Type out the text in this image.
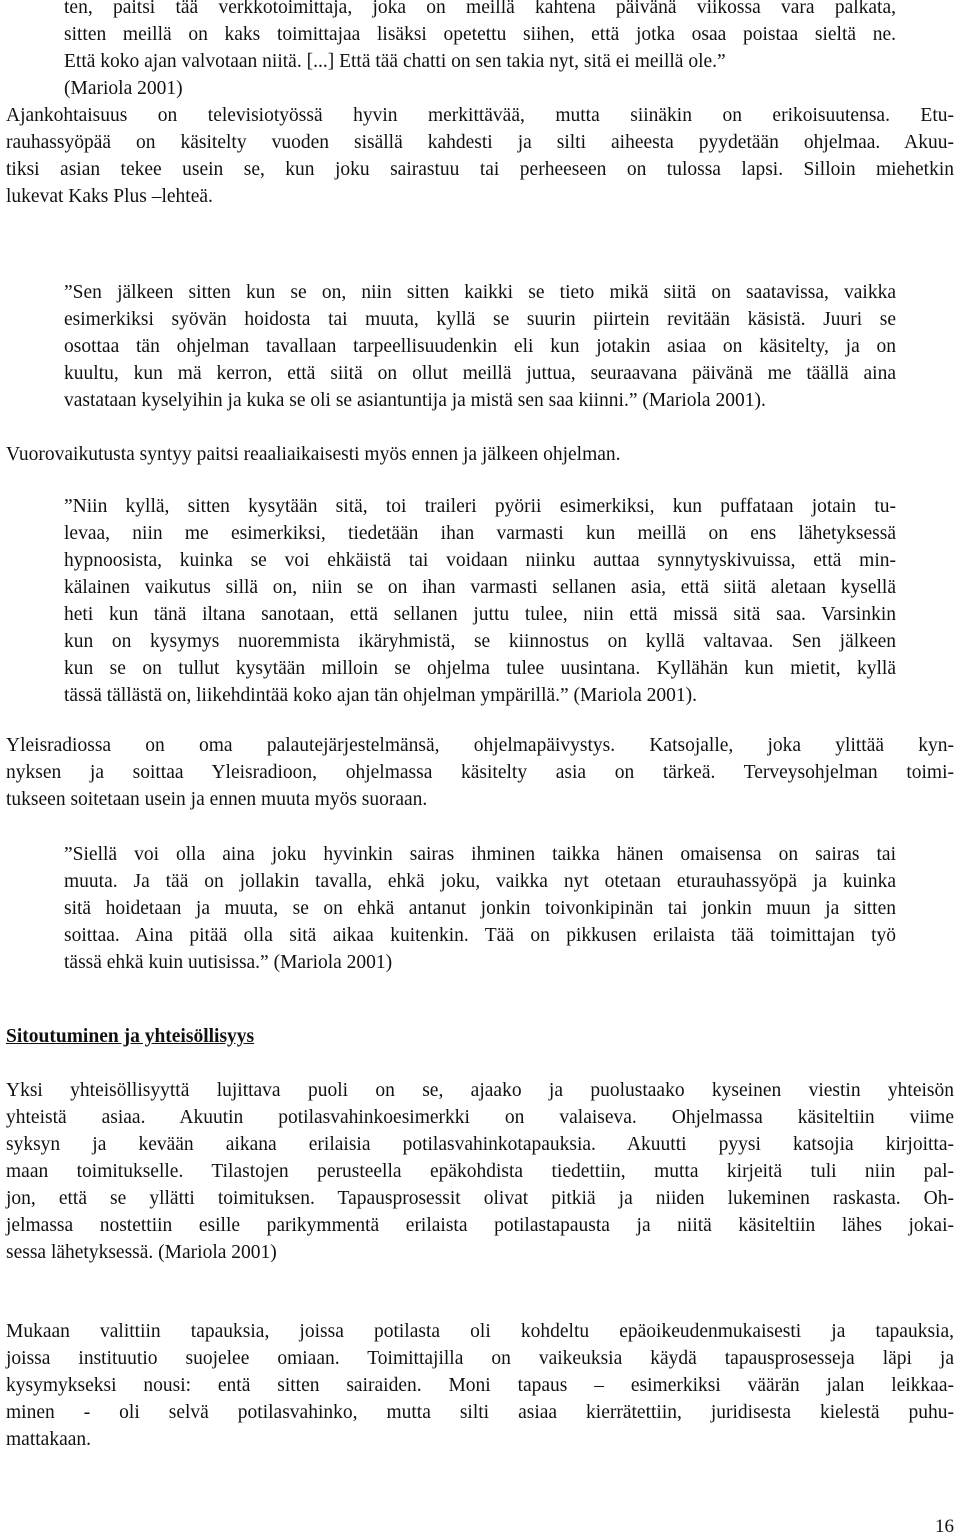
ten, paitsi tää verkkotoimittaja, joka on meillä kahtena päivänä viikossa vara palkata,
sitten meillä on kaks toimittajaa lisäksi opetettu siihen, että jotka osaa poistaa sieltä ne.
Että koko ajan valvotaan niitä. [...] Että tää chatti on sen takia nyt, sitä ei meillä ole.”
(Mariola 2001)
Ajankohtaisuus on televisiotyössä hyvin merkittävää, mutta siinäkin on erikoisuutensa. Etu-
rauhassyöpää on käsitelty vuoden sisällä kahdesti ja silti aiheesta pyydetään ohjelmaa. Akuu-
tiksi asian tekee usein se, kun joku sairastuu tai perheeseen on tulossa lapsi. Silloin miehetkin
lukevat Kaks Plus –lehteä.
”Sen jälkeen sitten kun se on, niin sitten kaikki se tieto mikä siitä on saatavissa, vaikka
esimerkiksi syövän hoidosta tai muuta, kyllä se suurin piirtein revitään käsistä. Juuri se
osottaa tän ohjelman tavallaan tarpeellisuudenkin eli kun jotakin asiaa on käsitelty, ja on
kuultu, kun mä kerron, että siitä on ollut meillä juttua, seuraavana päivänä me täällä aina
vastataan kyselyihin ja kuka se oli se asiantuntija ja mistä sen saa kiinni.” (Mariola 2001).
Vuorovaikutusta syntyy paitsi reaaliaikaisesti myös ennen ja jälkeen ohjelman.
”Niin kyllä, sitten kysytään sitä, toi traileri pyörii esimerkiksi, kun puffataan jotain tu-
levaa, niin me esimerkiksi, tiedetään ihan varmasti kun meillä on ens lähetyksessä
hypnoosista, kuinka se voi ehkäistä tai voidaan niinku auttaa synnytyskivuissa, että min-
kälainen vaikutus sillä on, niin se on ihan varmasti sellanen asia, että siitä aletaan kysellä
heti kun tänä iltana sanotaan, että sellanen juttu tulee, niin että missä sitä saa. Varsinkin
kun on kysymys nuoremmista ikäryhmistä, se kiinnostus on kyllä valtavaa. Sen jälkeen
kun se on tullut kysytään milloin se ohjelma tulee uusintana. Kyllähän kun mietit, kyllä
tässä tällästä on, liikehdintää koko ajan tän ohjelman ympärillä.” (Mariola 2001).
Yleisradiossa on oma palautejärjestelmänsä, ohjelmapäivystys. Katsojalle, joka ylittää kyn-
nyksen ja soittaa Yleisradioon, ohjelmassa käsitelty asia on tärkeä. Terveysohjelman toimi-
tukseen soitetaan usein ja ennen muuta myös suoraan.
”Siellä voi olla aina joku hyvinkin sairas ihminen taikka hänen omaisensa on sairas tai
muuta. Ja tää on jollakin tavalla, ehkä joku, vaikka nyt otetaan eturauhassyöpä ja kuinka
sitä hoidetaan ja muuta, se on ehkä antanut jonkin toivonkipinän tai jonkin muun ja sitten
soittaa. Aina pitää olla sitä aikaa kuitenkin. Tää on pikkusen erilaista tää toimittajan työ
tässä ehkä kuin uutisissa.” (Mariola 2001)
Sitoutuminen ja yhteisöllisyys
Yksi yhteisöllisyyttä lujittava puoli on se, ajaako ja puolustaako kyseinen viestin yhteisön
yhteistä asiaa. Akuutin potilasvahinkoesimerkki on valaiseva. Ohjelmassa käsiteltiin viime
syksyn ja kevään aikana erilaisia potilasvahinkotapauksia. Akuutti pyysi katsojia kirjoitta-
maan toimitukselle. Tilastojen perusteella epäkohdista tiedettiin, mutta kirjeitä tuli niin pal-
jon, että se yllätti toimituksen. Tapausprosessit olivat pitkiä ja niiden lukeminen raskasta. Oh-
jelmassa nostettiin esille parikymmentä erilaista potilastapausta ja niitä käsiteltiin lähes jokai-
sessa lähetyksessä. (Mariola 2001)
Mukaan valittiin tapauksia, joissa potilasta oli kohdeltu epäoikeudenmukaisesti ja tapauksia,
joissa instituutio suojelee omiaan. Toimittajilla on vaikeuksia käydä tapausprosesseja läpi ja
kysymykseksi nousi: entä sitten sairaiden. Moni tapaus – esimerkiksi väärän jalan leikkaa-
minen - oli selvä potilasvahinko, mutta silti asiaa kierrätettiin, juridisesta kielestä puhu-
mattakaan.
16
